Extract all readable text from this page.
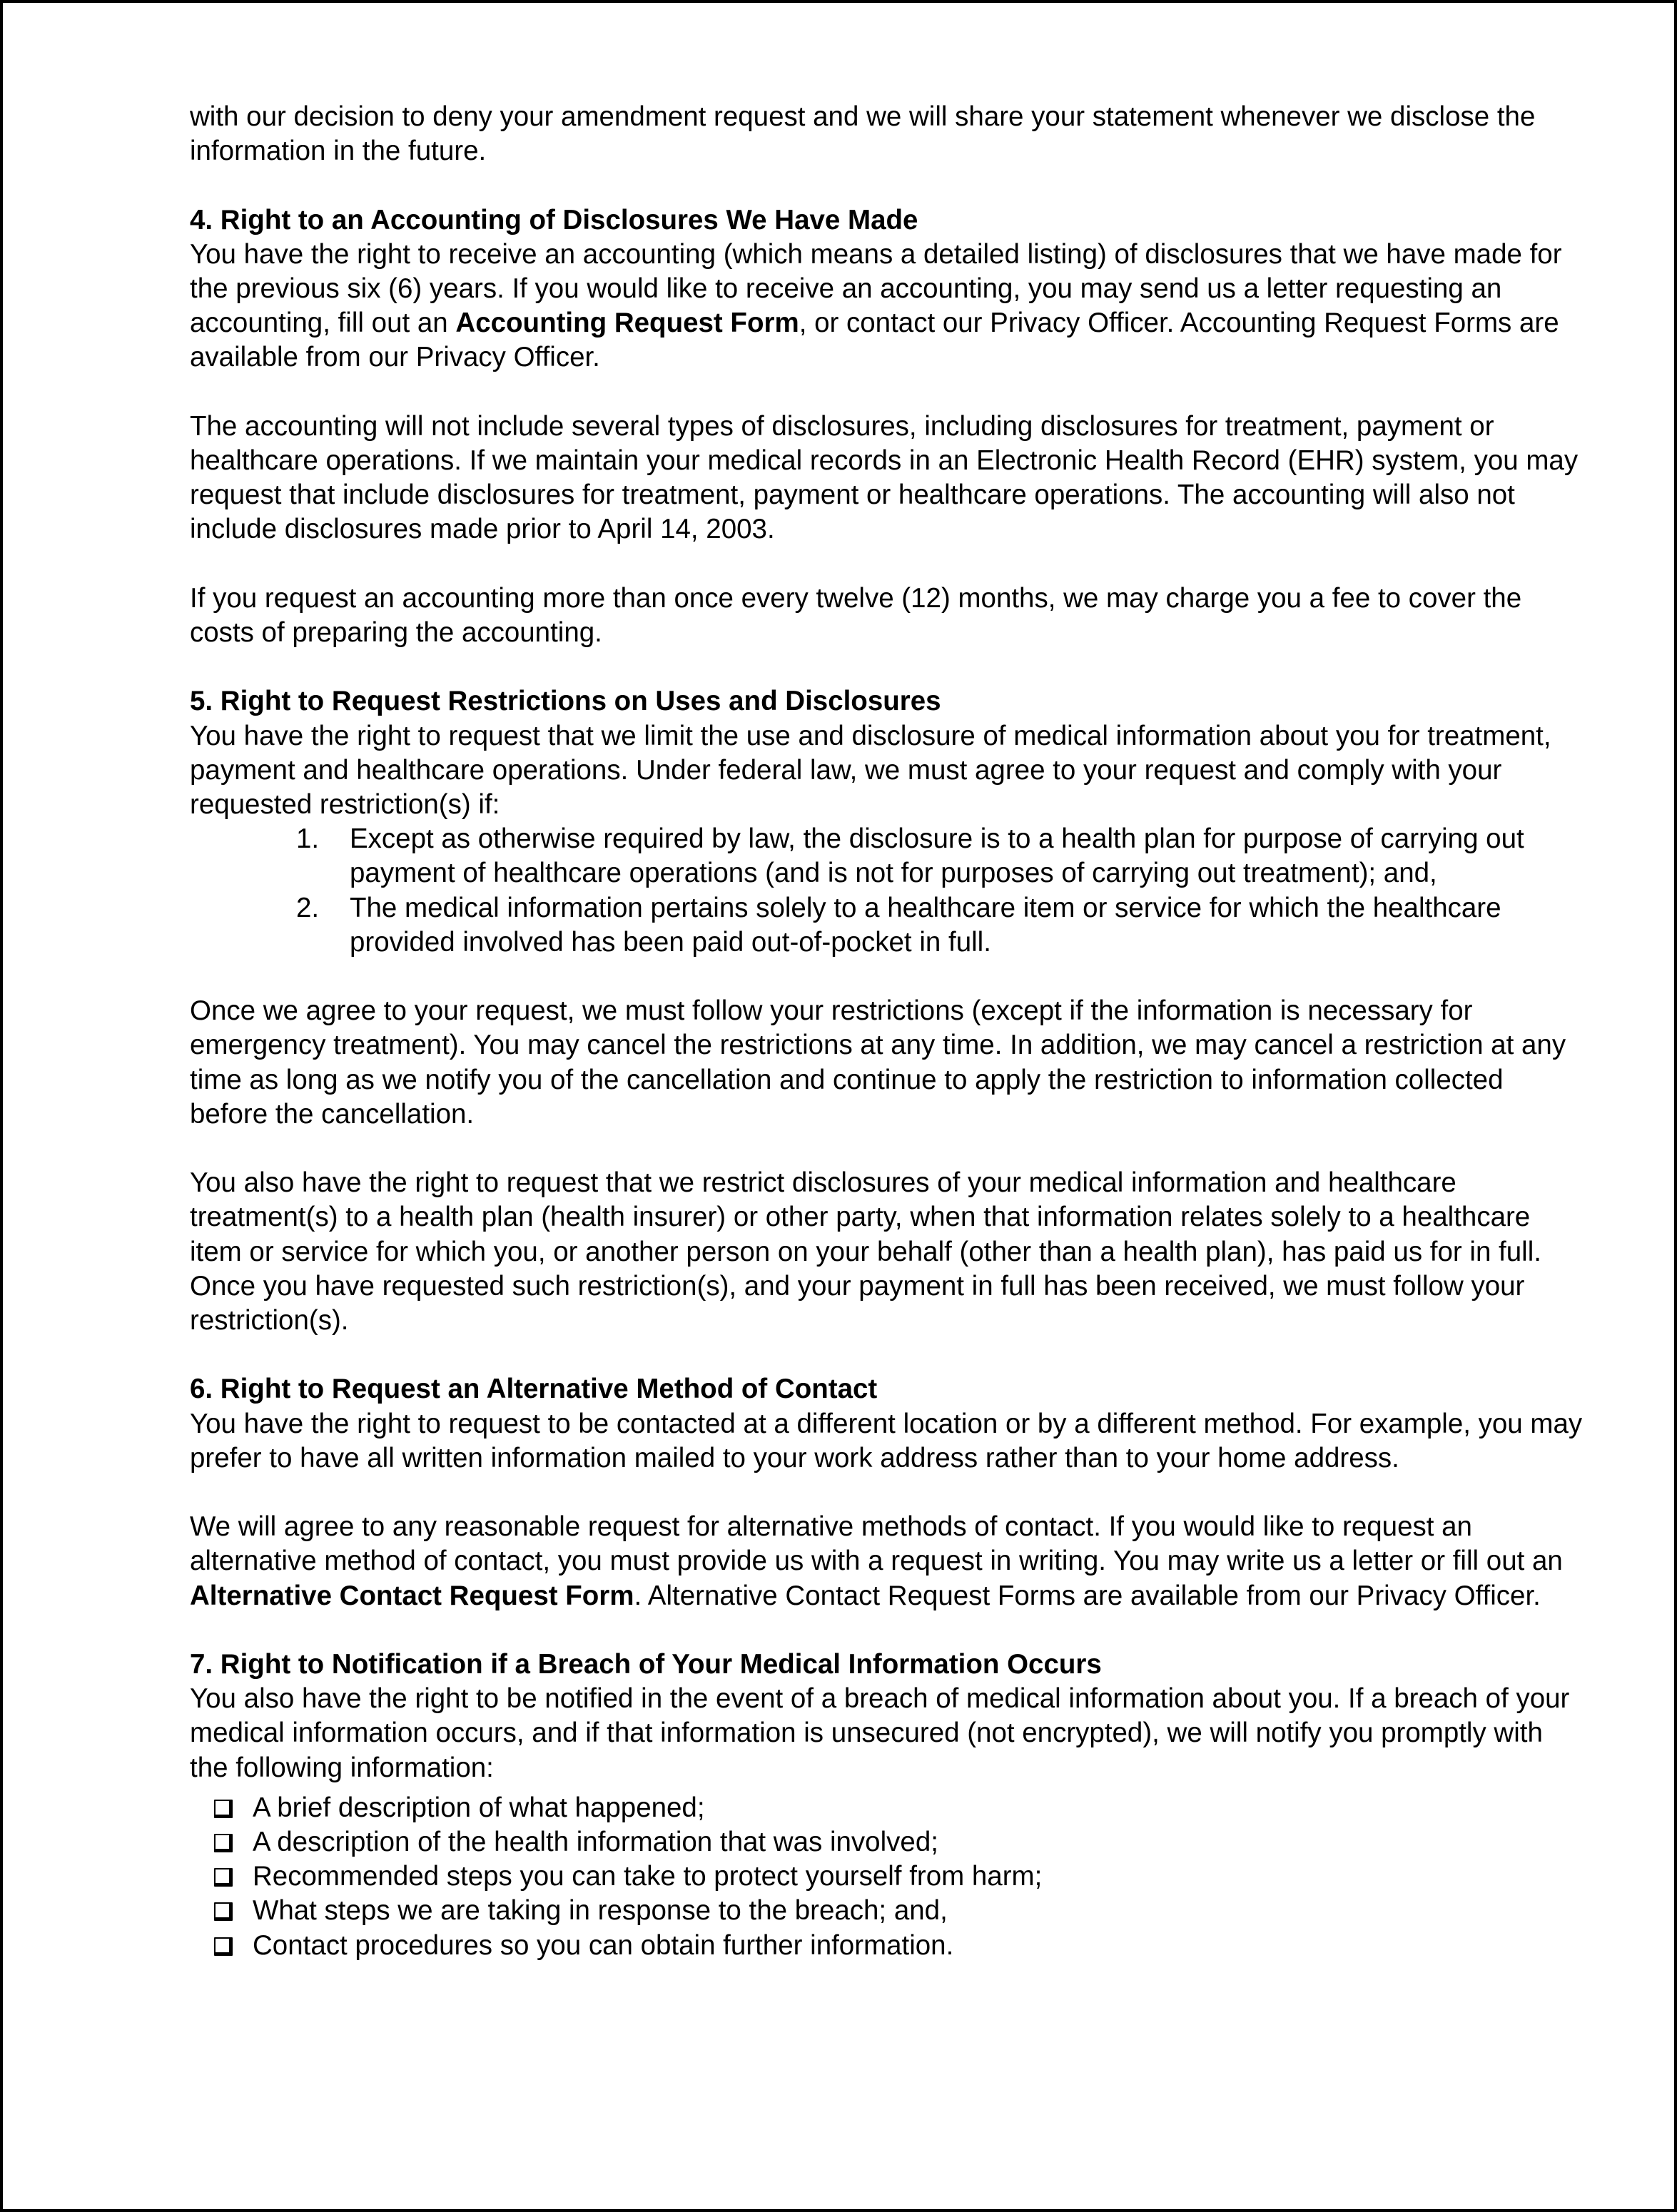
with our decision to deny your amendment request and we will share your statement whenever we disclose the information in the future.

4. Right to an Accounting of Disclosures We Have Made

You have the right to receive an accounting (which means a detailed listing) of disclosures that we have made for the previous six (6) years. If you would like to receive an accounting, you may send us a letter requesting an accounting, fill out an Accounting Request Form, or contact our Privacy Officer. Accounting Request Forms are available from our Privacy Officer.

The accounting will not include several types of disclosures, including disclosures for treatment, payment or healthcare operations. If we maintain your medical records in an Electronic Health Record (EHR) system, you may request that include disclosures for treatment, payment or healthcare operations. The accounting will also not include disclosures made prior to April 14, 2003.

If you request an accounting more than once every twelve (12) months, we may charge you a fee to cover the costs of preparing the accounting.

5. Right to Request Restrictions on Uses and Disclosures

You have the right to request that we limit the use and disclosure of medical information about you for treatment, payment and healthcare operations. Under federal law, we must agree to your request and comply with your requested restriction(s) if:

1. Except as otherwise required by law, the disclosure is to a health plan for purpose of carrying out payment of healthcare operations (and is not for purposes of carrying out treatment); and,
2. The medical information pertains solely to a healthcare item or service for which the healthcare provided involved has been paid out-of-pocket in full.

Once we agree to your request, we must follow your restrictions (except if the information is necessary for emergency treatment). You may cancel the restrictions at any time. In addition, we may cancel a restriction at any time as long as we notify you of the cancellation and continue to apply the restriction to information collected before the cancellation.

You also have the right to request that we restrict disclosures of your medical information and healthcare treatment(s) to a health plan (health insurer) or other party, when that information relates solely to a healthcare item or service for which you, or another person on your behalf (other than a health plan), has paid us for in full. Once you have requested such restriction(s), and your payment in full has been received, we must follow your restriction(s).

6. Right to Request an Alternative Method of Contact

You have the right to request to be contacted at a different location or by a different method. For example, you may prefer to have all written information mailed to your work address rather than to your home address.

We will agree to any reasonable request for alternative methods of contact. If you would like to request an alternative method of contact, you must provide us with a request in writing. You may write us a letter or fill out an Alternative Contact Request Form. Alternative Contact Request Forms are available from our Privacy Officer.

7. Right to Notification if a Breach of Your Medical Information Occurs

You also have the right to be notified in the event of a breach of medical information about you. If a breach of your medical information occurs, and if that information is unsecured (not encrypted), we will notify you promptly with the following information:

A brief description of what happened;
A description of the health information that was involved;
Recommended steps you can take to protect yourself from harm;
What steps we are taking in response to the breach; and,
Contact procedures so you can obtain further information.
